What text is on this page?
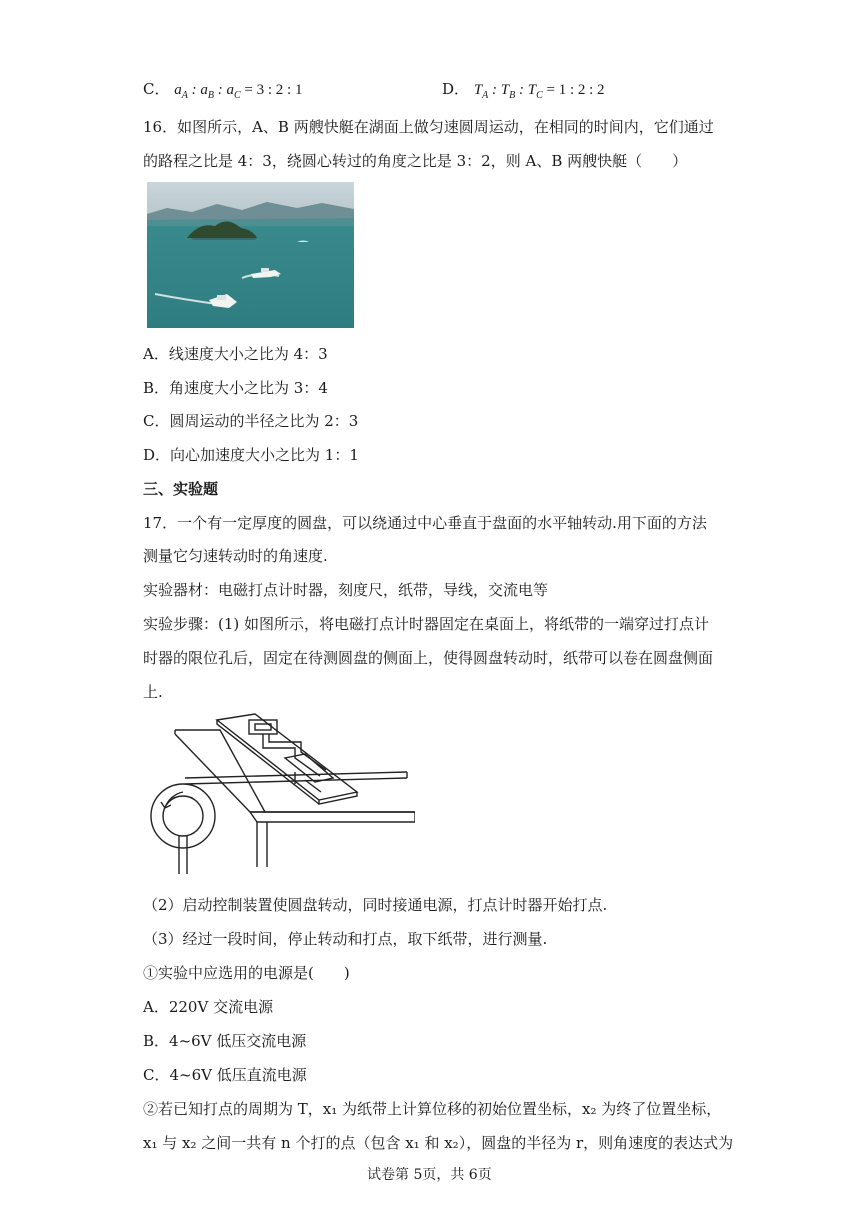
C． $a_A$ : $a_B$ : $a_C = 3$ : 2 : 1	D． $T_A$ : $T_B$ : $T_C = 1$ : 2 : 2
16．如图所示，A、B 两艘快艇在湖面上做匀速圆周运动，在相同的时间内，它们通过
的路程之比是 4：3，绕圆心转过的角度之比是 3：2，则 A、B 两艘快艇（　　）
A．线速度大小之比为 4：3
B．角速度大小之比为 3：4
C．圆周运动的半径之比为 2：3
D．向心加速度大小之比为 1：1
三、实验题
17．一个有一定厚度的圆盘，可以绕通过中心垂直于盘面的水平轴转动.用下面的方法
测量它匀速转动时的角速度.
实验器材：电磁打点计时器，刻度尺，纸带，导线，交流电等
实验步骤：(1) 如图所示，将电磁打点计时器固定在桌面上，将纸带的一端穿过打点计
时器的限位孔后，固定在待测圆盘的侧面上，使得圆盘转动时，纸带可以卷在圆盘侧面
上.
（2）启动控制装置使圆盘转动，同时接通电源，打点计时器开始打点.
（3）经过一段时间，停止转动和打点，取下纸带，进行测量.
①实验中应选用的电源是(　　)
A．220V 交流电源
B．4~6V 低压交流电源
C．4~6V 低压直流电源
②若已知打点的周期为 T，x₁ 为纸带上计算位移的初始位置坐标，x₂ 为终了位置坐标，
x₁ 与 x₂ 之间一共有 n 个打的点（包含 x₁ 和 x₂），圆盘的半径为 r，则角速度的表达式为
试卷第 5页，共 6页
